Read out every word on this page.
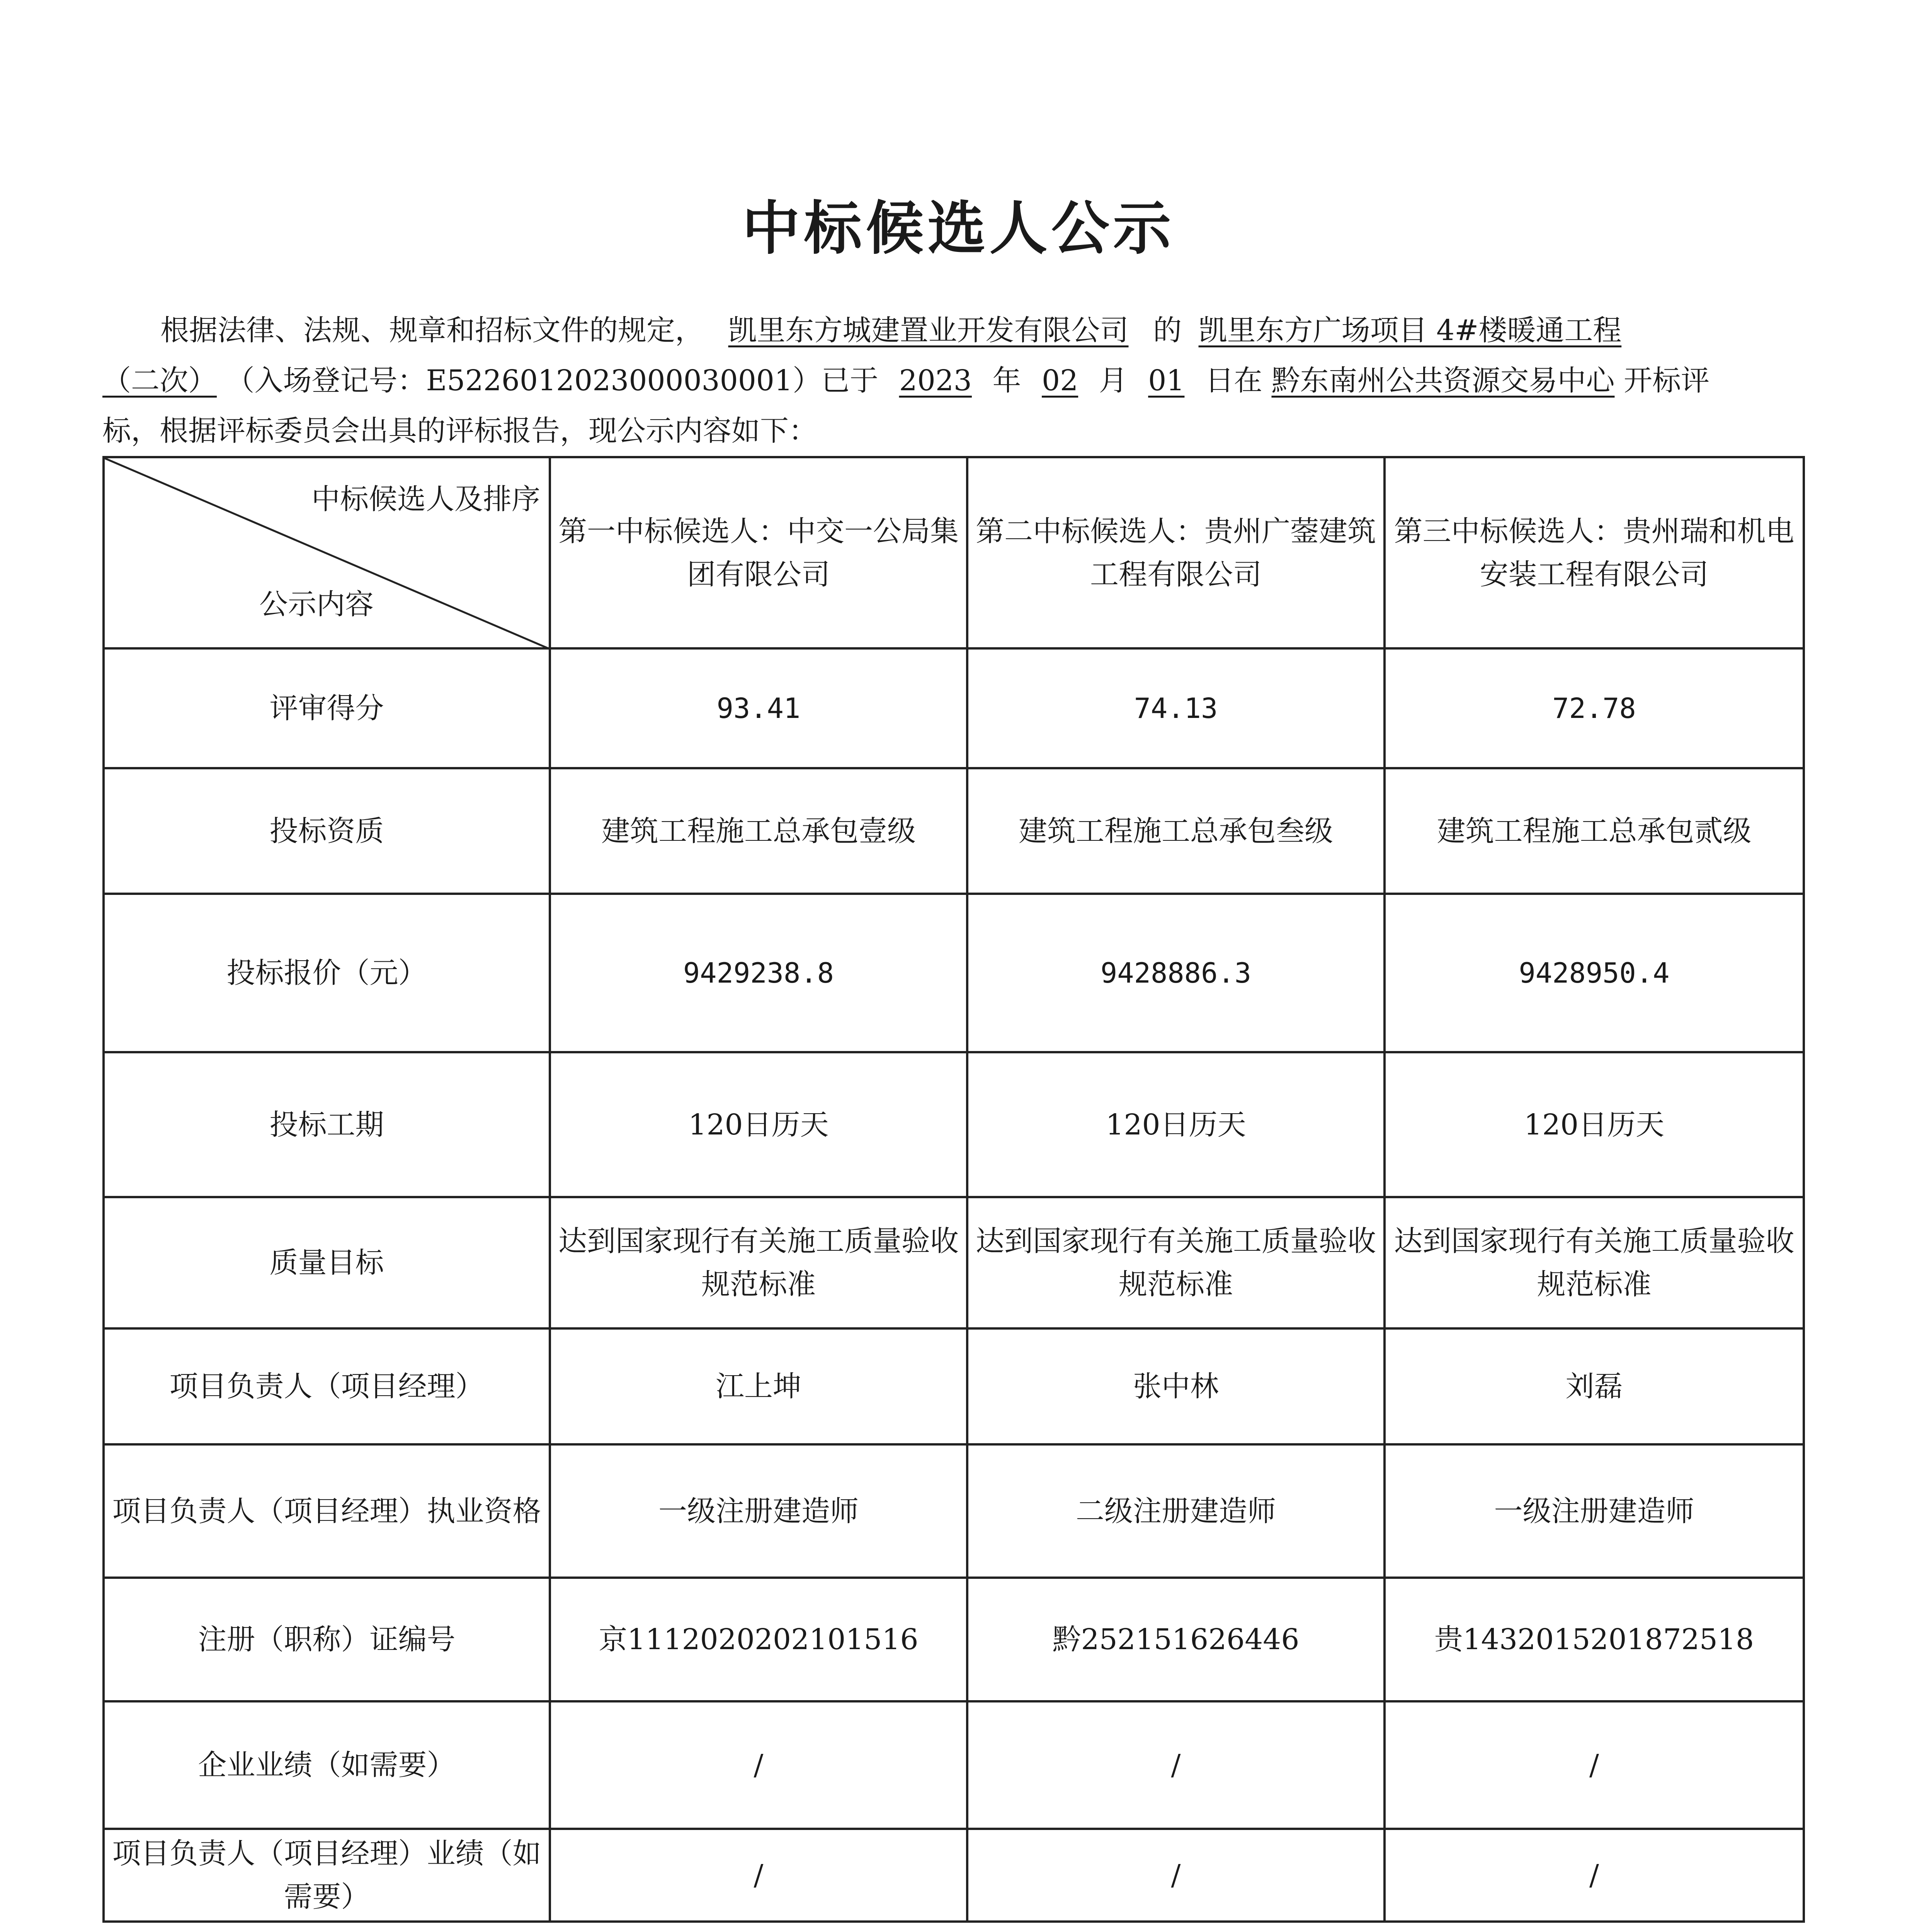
中标候选人公示
根据法律、法规、规章和招标文件的规定， 凯里东方城建置业开发有限公司 的 凯里东方广场项目 4#楼暖通工程
（二次） （入场登记号：E5226012023000030001）已于 2023 年 02 月 01 日在 黔东南州公共资源交易中心 开标评
标，根据评标委员会出具的评标报告，现公示内容如下：
中标候选人及排序
公示内容	第一中标候选人：中交一公局集团有限公司	第二中标候选人：贵州广蓥建筑工程有限公司	第三中标候选人：贵州瑞和机电安装工程有限公司
评审得分	93.41	74.13	72.78
投标资质	建筑工程施工总承包壹级	建筑工程施工总承包叁级	建筑工程施工总承包贰级
投标报价（元）	9429238.8	9428886.3	9428950.4
投标工期	120日历天	120日历天	120日历天
质量目标	达到国家现行有关施工质量验收规范标准	达到国家现行有关施工质量验收规范标准	达到国家现行有关施工质量验收规范标准
项目负责人（项目经理）	江上坤	张中林	刘磊
项目负责人（项目经理）执业资格	一级注册建造师	二级注册建造师	一级注册建造师
注册（职称）证编号	京1112020202101516	黔252151626446	贵1432015201872518
企业业绩（如需要）	/	/	/
项目负责人（项目经理）业绩（如需要）	/	/	/
